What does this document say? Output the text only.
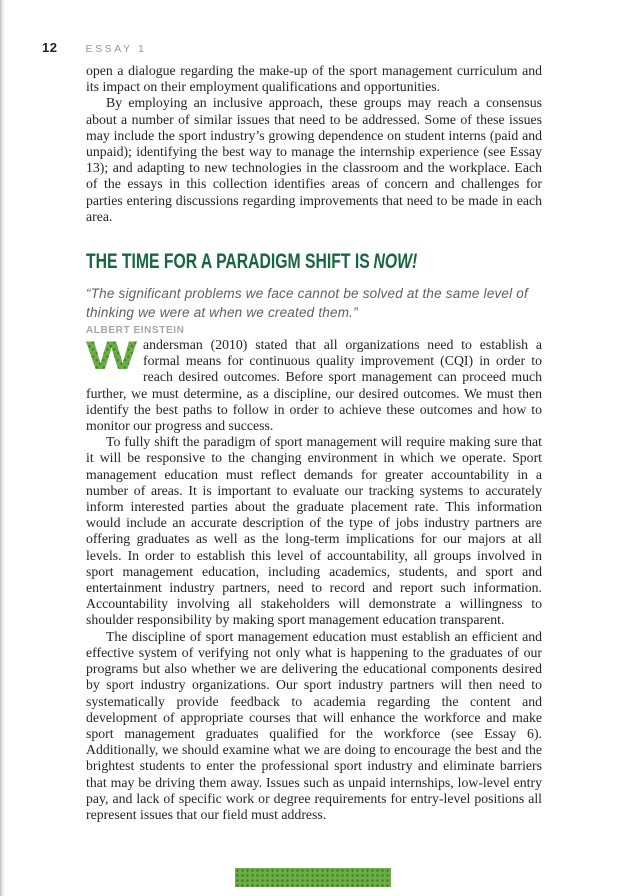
12	ESSAY 1

open a dialogue regarding the make-up of the sport management curriculum and its impact on their employment qualifications and opportunities.

By employing an inclusive approach, these groups may reach a consensus about a number of similar issues that need to be addressed. Some of these issues may include the sport industry’s growing dependence on student interns (paid and unpaid); identifying the best way to manage the internship experience (see Essay 13); and adapting to new technologies in the classroom and the workplace. Each of the essays in this collection identifies areas of concern and challenges for parties entering discussions regarding improvements that need to be made in each area.

THE TIME FOR A PARADIGM SHIFT IS NOW!

“The significant problems we face cannot be solved at the same level of thinking we were at when we created them.”

ALBERT EINSTEIN

W andersman (2010) stated that all organizations need to establish a formal means for continuous quality improvement (CQI) in order to reach desired outcomes. Before sport management can proceed much further, we must determine, as a discipline, our desired outcomes. We must then identify the best paths to follow in order to achieve these outcomes and how to monitor our progress and success.

To fully shift the paradigm of sport management will require making sure that it will be responsive to the changing environment in which we operate. Sport management education must reflect demands for greater accountability in a number of areas. It is important to evaluate our tracking systems to accurately inform interested parties about the graduate placement rate. This information would include an accurate description of the type of jobs industry partners are offering graduates as well as the long-term implications for our majors at all levels. In order to establish this level of accountability, all groups involved in sport management education, including academics, students, and sport and entertainment industry partners, need to record and report such information. Accountability involving all stakeholders will demonstrate a willingness to shoulder responsibility by making sport management education transparent.

The discipline of sport management education must establish an efficient and effective system of verifying not only what is happening to the graduates of our programs but also whether we are delivering the educational components desired by sport industry organizations. Our sport industry partners will then need to systematically provide feedback to academia regarding the content and development of appropriate courses that will enhance the workforce and make sport management graduates qualified for the workforce (see Essay 6). Additionally, we should examine what we are doing to encourage the best and the brightest students to enter the professional sport industry and eliminate barriers that may be driving them away. Issues such as unpaid internships, low-level entry pay, and lack of specific work or degree requirements for entry-level positions all represent issues that our field must address.
